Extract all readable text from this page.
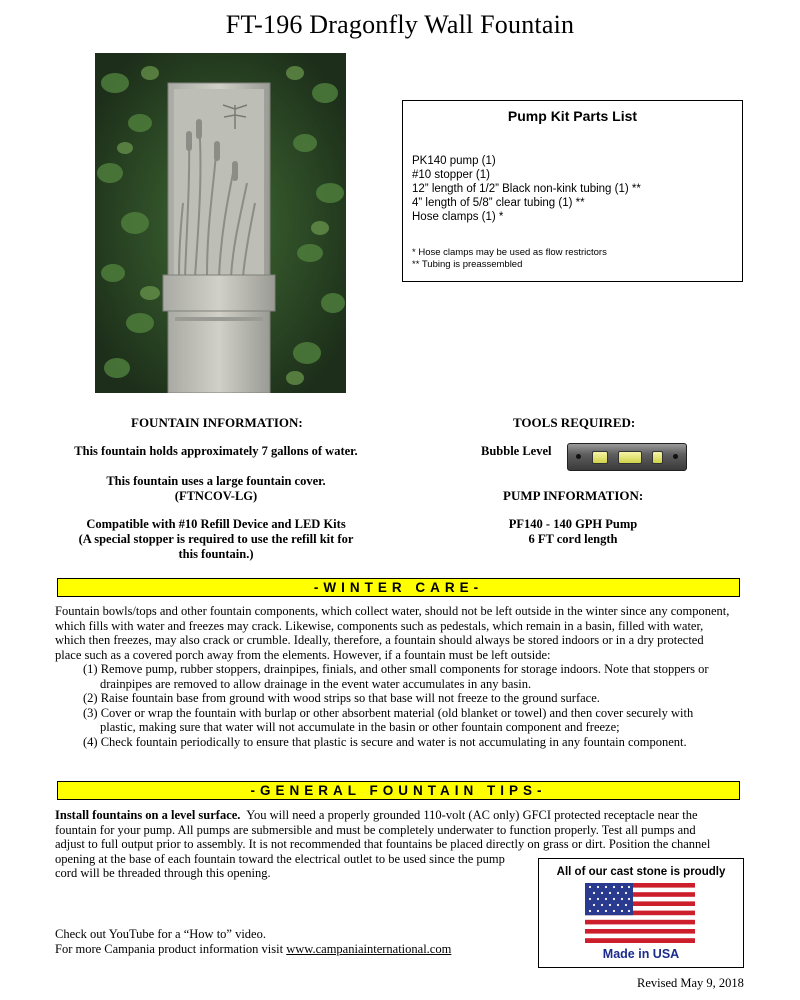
FT-196 Dragonfly Wall Fountain
Pump Kit Parts List
PK140 pump (1)
#10 stopper (1)
12” length of 1/2” Black non-kink tubing (1) **
4” length of 5/8” clear tubing (1) **
Hose clamps (1) *
* Hose clamps may be used as flow restrictors
** Tubing is preassembled
FOUNTAIN INFORMATION:
This fountain holds approximately 7 gallons of water.
This fountain uses a large fountain cover.
(FTNCOV-LG)
Compatible with #10 Refill Device and LED Kits
(A special stopper is required to use the refill kit for
this fountain.)
TOOLS REQUIRED:
Bubble Level
PUMP INFORMATION:
PF140 - 140 GPH Pump
6 FT cord length
-WINTER CARE-
Fountain bowls/tops and other fountain components, which collect water, should not be left outside in the winter since any component,
which fills with water and freezes may crack. Likewise, components such as pedestals, which remain in a basin, filled with water,
which then freezes, may also crack or crumble. Ideally, therefore, a fountain should always be stored indoors or in a dry protected
place such as a covered porch away from the elements. However, if a fountain must be left outside:
(1) Remove pump, rubber stoppers, drainpipes, finials, and other small components for storage indoors. Note that stoppers or
drainpipes are removed to allow drainage in the event water accumulates in any basin.
(2) Raise fountain base from ground with wood strips so that base will not freeze to the ground surface.
(3) Cover or wrap the fountain with burlap or other absorbent material (old blanket or towel) and then cover securely with
plastic, making sure that water will not accumulate in the basin or other fountain component and freeze;
(4) Check fountain periodically to ensure that plastic is secure and water is not accumulating in any fountain component.
-GENERAL FOUNTAIN TIPS-
Install fountains on a level surface.  You will need a properly grounded 110-volt (AC only) GFCI protected receptacle near the
fountain for your pump. All pumps are submersible and must be completely underwater to function properly. Test all pumps and
adjust to full output prior to assembly. It is not recommended that fountains be placed directly on grass or dirt. Position the channel
opening at the base of each fountain toward the electrical outlet to be used since the pump
cord will be threaded through this opening.
Check out YouTube for a “How to” video.
For more Campania product information visit www.campaniainternational.com
All of our cast stone is proudly
Made in USA
Revised May 9, 2018
